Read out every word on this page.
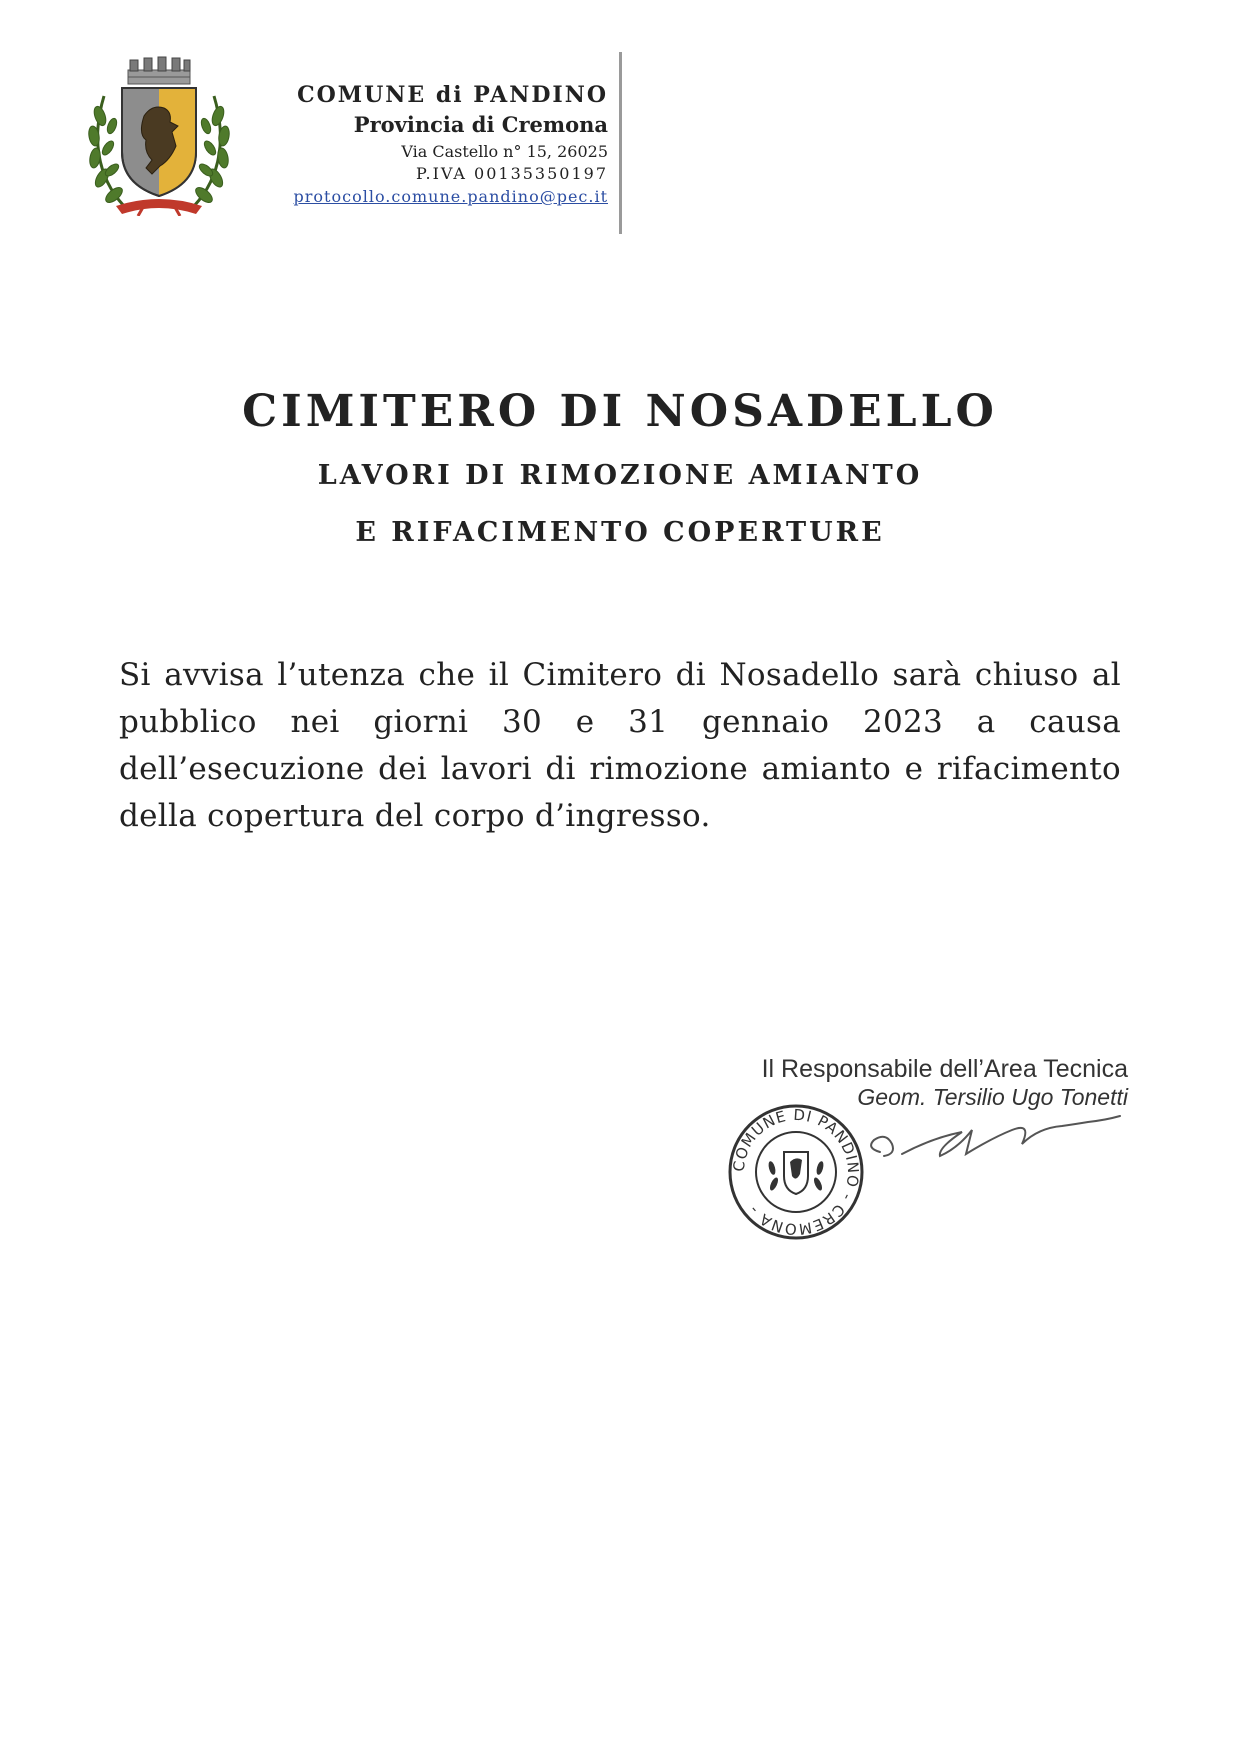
COMUNE di PANDINO
Provincia di Cremona
Via Castello n° 15, 26025
P.IVA 00135350197
protocollo.comune.pandino@pec.it
CIMITERO DI NOSADELLO
LAVORI DI RIMOZIONE AMIANTO
E RIFACIMENTO COPERTURE

Si avvisa l’utenza che il Cimitero di Nosadello sarà chiuso al pubblico nei giorni 30 e 31 gennaio 2023 a causa dell’esecuzione dei lavori di rimozione amianto e rifacimento della copertura del corpo d’ingresso.

Il Responsabile dell’Area Tecnica
Geom. Tersilio Ugo Tonetti
COMUNE DI PANDINO - CREMONA -
